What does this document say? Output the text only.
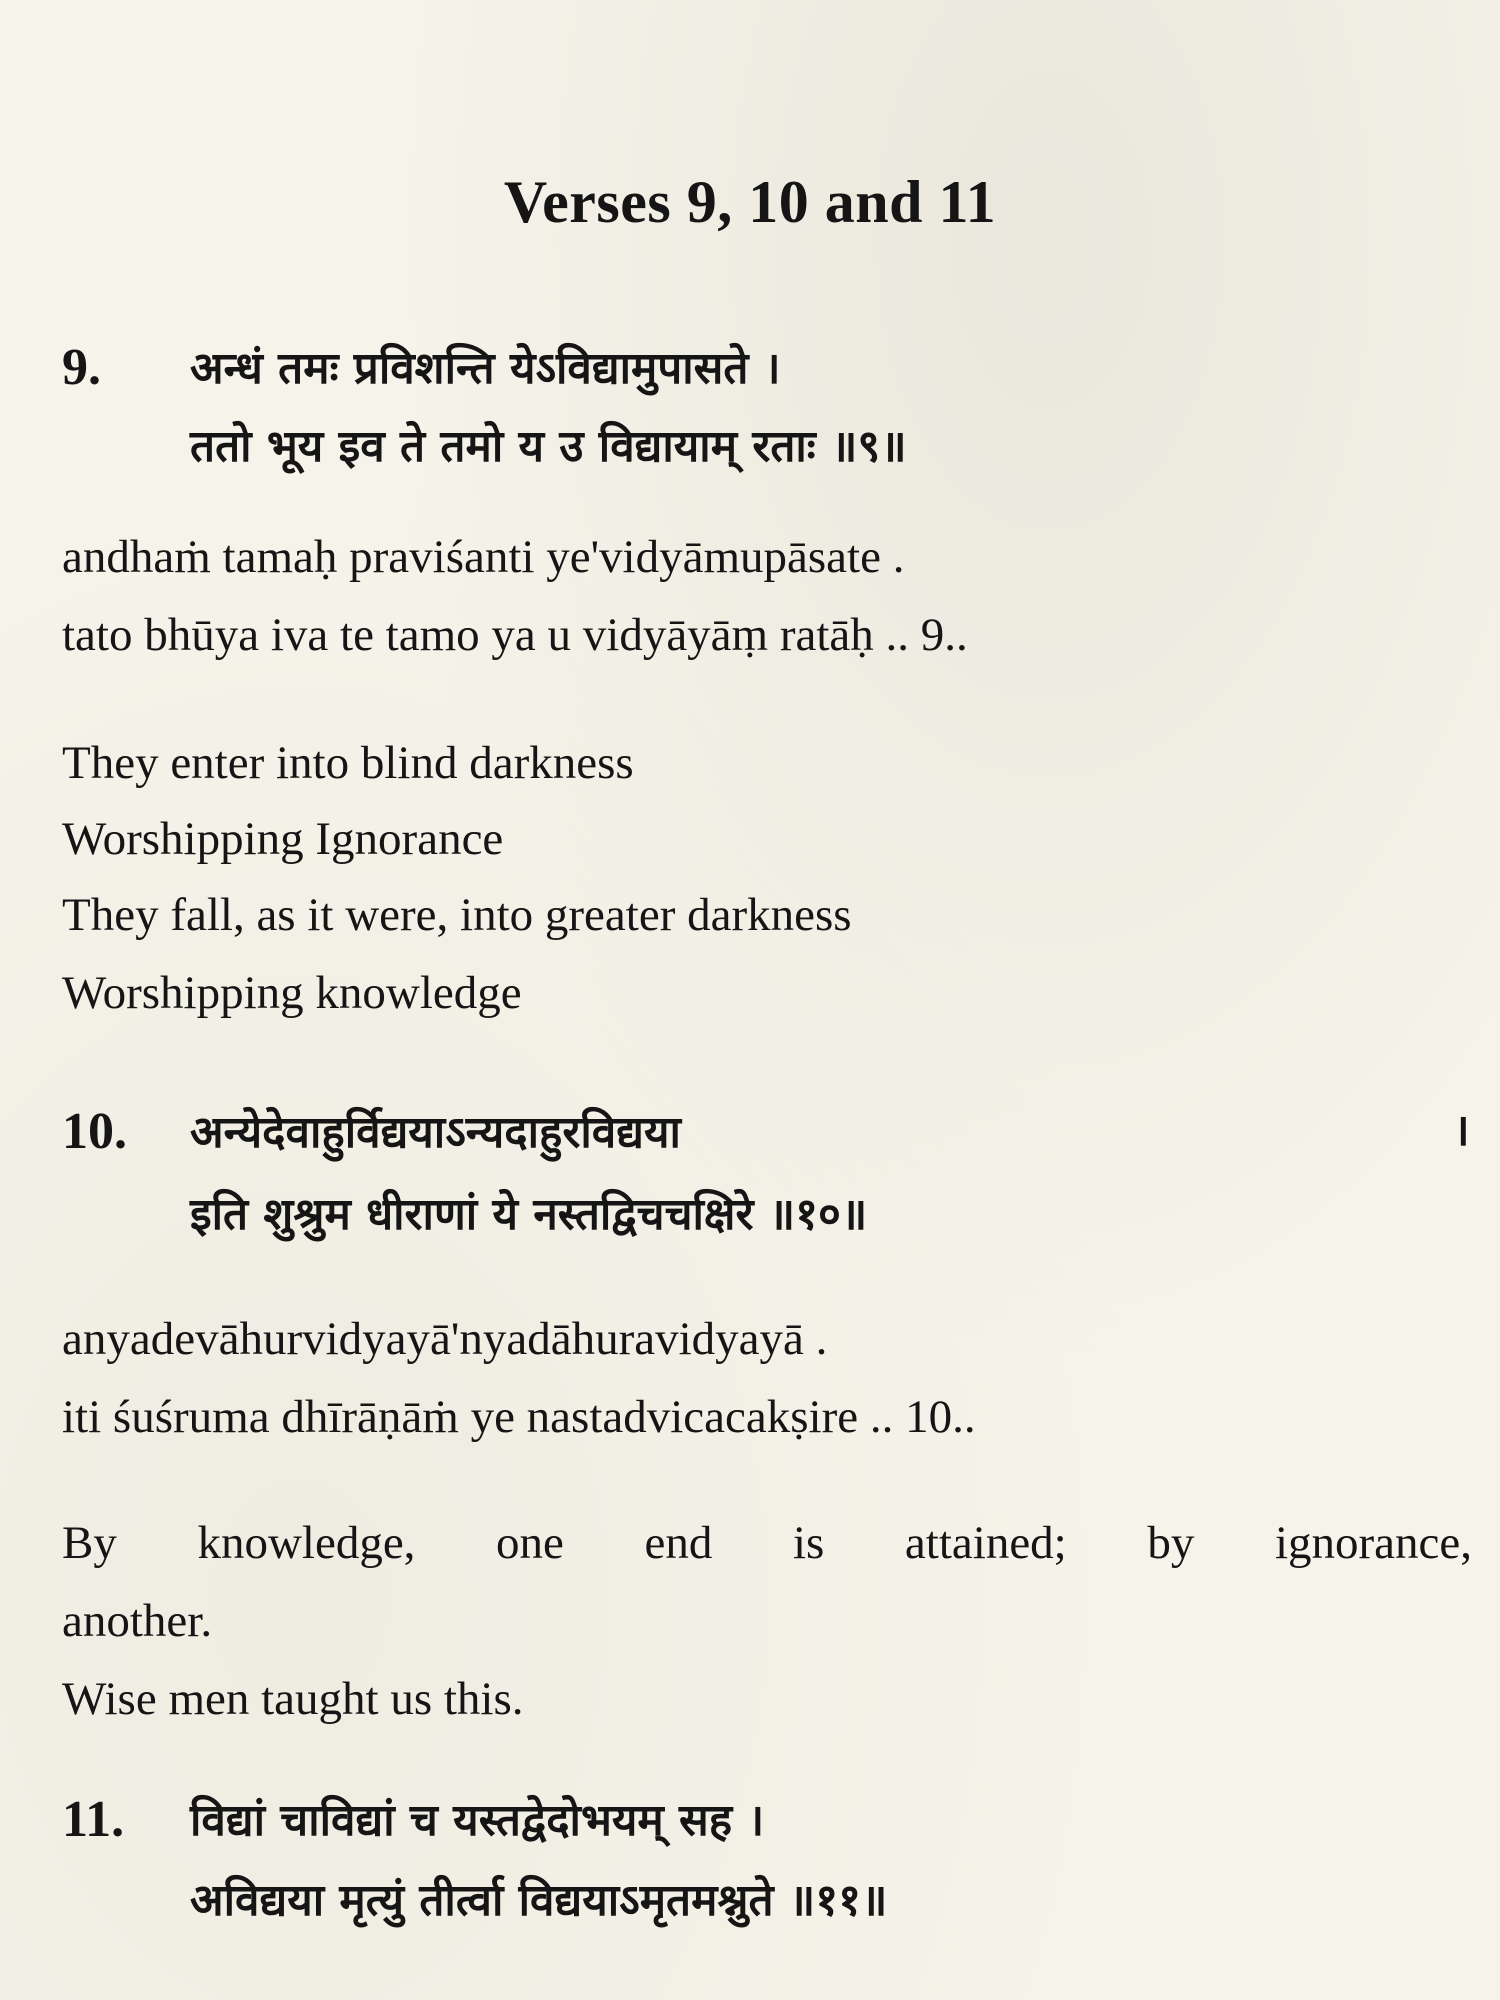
Verses 9, 10 and 11
9. अन्धं तमः प्रविशन्ति येऽविद्यामुपासते ।
ततो भूय इव ते तमो य उ विद्यायाम् रताः ॥९॥
andhaṁ tamaḥ praviśanti ye'vidyāmupāsate .
tato bhūya iva te tamo ya u vidyāyāṃ ratāḥ .. 9..
They enter into blind darkness
Worshipping Ignorance
They fall, as it were, into greater darkness
Worshipping knowledge
10. अन्येदेवाहुर्विद्ययाऽन्यदाहुरविद्यया	।
इति शुश्रुम धीराणां ये नस्तद्विचचक्षिरे ॥१०॥
anyadevāhurvidyayā'nyadāhuravidyayā .
iti śuśruma dhīrāṇāṁ ye nastadvicacakṣire .. 10..
By knowledge, one end is attained; by ignorance,
another.
Wise men taught us this.
11. विद्यां चाविद्यां च यस्तद्वेदोभयम् सह ।
अविद्यया मृत्युं तीर्त्वा विद्ययाऽमृतमश्नुते ॥११॥
